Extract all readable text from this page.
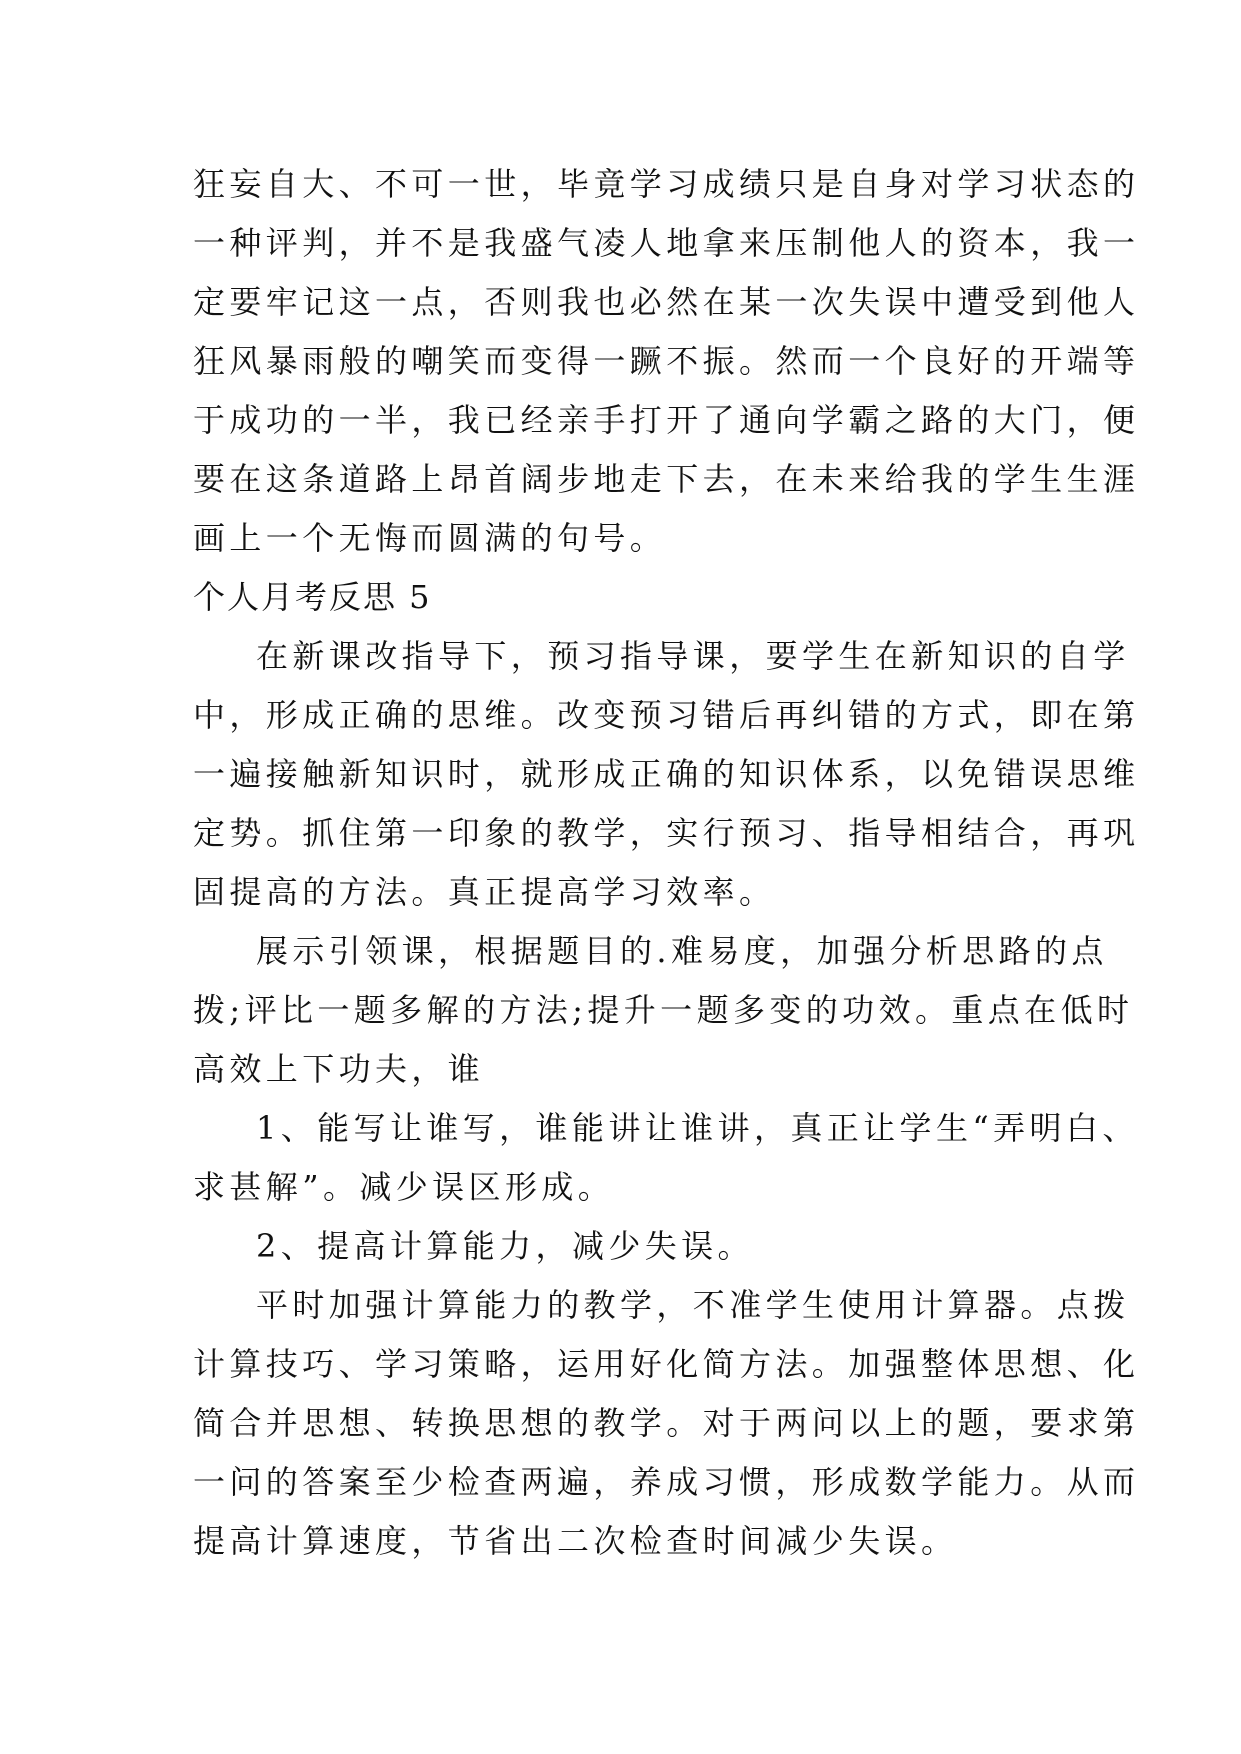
狂妄自大、不可一世，毕竟学习成绩只是自身对学习状态的
一种评判，并不是我盛气凌人地拿来压制他人的资本，我一
定要牢记这一点，否则我也必然在某一次失误中遭受到他人
狂风暴雨般的嘲笑而变得一蹶不振。然而一个良好的开端等
于成功的一半，我已经亲手打开了通向学霸之路的大门，便
要在这条道路上昂首阔步地走下去，在未来给我的学生生涯
画上一个无悔而圆满的句号。
个人月考反思 5
在新课改指导下，预习指导课，要学生在新知识的自学
中，形成正确的思维。改变预习错后再纠错的方式，即在第
一遍接触新知识时，就形成正确的知识体系，以免错误思维
定势。抓住第一印象的教学，实行预习、指导相结合，再巩
固提高的方法。真正提高学习效率。
展示引领课，根据题目的.难易度，加强分析思路的点
拨;评比一题多解的方法;提升一题多变的功效。重点在低时
高效上下功夫，谁
1、能写让谁写，谁能讲让谁讲，真正让学生“弄明白、
求甚解”。减少误区形成。
2、提高计算能力，减少失误。
平时加强计算能力的教学，不准学生使用计算器。点拨
计算技巧、学习策略，运用好化简方法。加强整体思想、化
简合并思想、转换思想的教学。对于两问以上的题，要求第
一问的答案至少检查两遍，养成习惯，形成数学能力。从而
提高计算速度，节省出二次检查时间减少失误。
